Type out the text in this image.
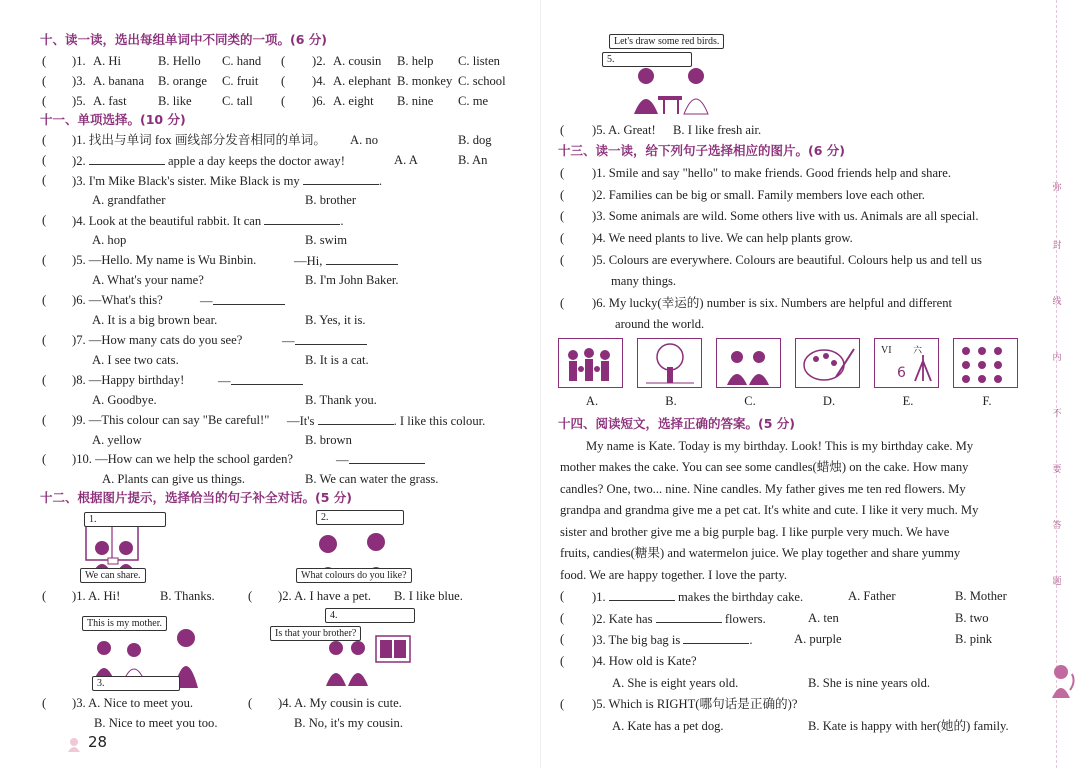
十、读一读，选出每组单词中不同类的一项。(6 分)
( )1. A. Hi	B. Hello C. hand ( )2. A. cousin B. help C. listen
( )3. A. banana B. orange C. fruit ( )4. A. elephant B. monkey C. school
( )5. A. fast B. like C. tall ( )6. A. eight B. nine C. me
十一、单项选择。(10 分)
( )1. 找出与单词 fox 画线部分发音相同的单词。 A. no	B. dog
( )2.	apple a day keeps the doctor away!	A. A	B. An
( )3. I'm Mike Black's sister. Mike Black is my	.
A. grandfather	B. brother
( )4. Look at the beautiful rabbit. It can	.
A. hop	B. swim
( )5. —Hello. My name is Wu Binbin.	—Hi,
A. What's your name?	B. I'm John Baker.
( )6. —What's this?	—
A. It is a big brown bear.	B. Yes, it is.
( )7. —How many cats do you see?	—
A. I see two cats.	B. It is a cat.
( )8. —Happy birthday!	—
A. Goodbye.	B. Thank you.
( )9. —This colour can say "Be careful!" —It's	. I like this colour.
A. yellow	B. brown
( )10. —How can we help the school garden?	—
A. Plants can give us things.	B. We can water the grass.
十二、根据图片提示，选择恰当的句子补全对话。(5 分)
1.
We can share.
2.
What colours do you like?
( )1. A. Hi!	B. Thanks.	( )2. A. I have a pet. B. I like blue.
This is my mother.
3.
Is that your brother?
4.
( )3. A. Nice to meet you.
B. Nice to meet you too.
( )4. A. My cousin is cute.
B. No, it's my cousin.
28
Let's draw some red birds.
5.
( )5. A. Great! B. I like fresh air.
十三、读一读，给下列句子选择相应的图片。(6 分)
( )1. Smile and say "hello" to make friends. Good friends help and share.
( )2. Families can be big or small. Family members love each other.
( )3. Some animals are wild. Some others live with us. Animals are all special.
( )4. We need plants to live. We can help plants grow.
( )5. Colours are everywhere. Colours are beautiful. Colours help us and tell us
many things.
( )6. My lucky(幸运的) number is six. Numbers are helpful and different
around the world.
VI 六
6
A.	B.	C.	D.	E.	F.
十四、阅读短文，选择正确的答案。(5 分)
My name is Kate. Today is my birthday. Look! This is my birthday cake. My
mother makes the cake. You can see some candles(蜡烛) on the cake. How many
candles? One, two... nine. Nine candles. My father gives me ten red flowers. My
grandpa and grandma give me a pet cat. It's white and cute. I like it very much. My
sister and brother give me a big purple bag. I like purple very much. We have
fruits, candies(糖果) and watermelon juice. We play together and share yummy
food. We are happy together. I love the party.
( )1.	makes the birthday cake.	A. Father	B. Mother
( )2. Kate has	flowers.	A. ten	B. two
( )3. The big bag is	.	A. purple	B. pink
( )4. How old is Kate?
A. She is eight years old.	B. She is nine years old.
( )5. Which is RIGHT(哪句话是正确的)?
A. Kate has a pet dog.	B. Kate is happy with her(她的) family.
弥
封
线
内
不
要
答
题
